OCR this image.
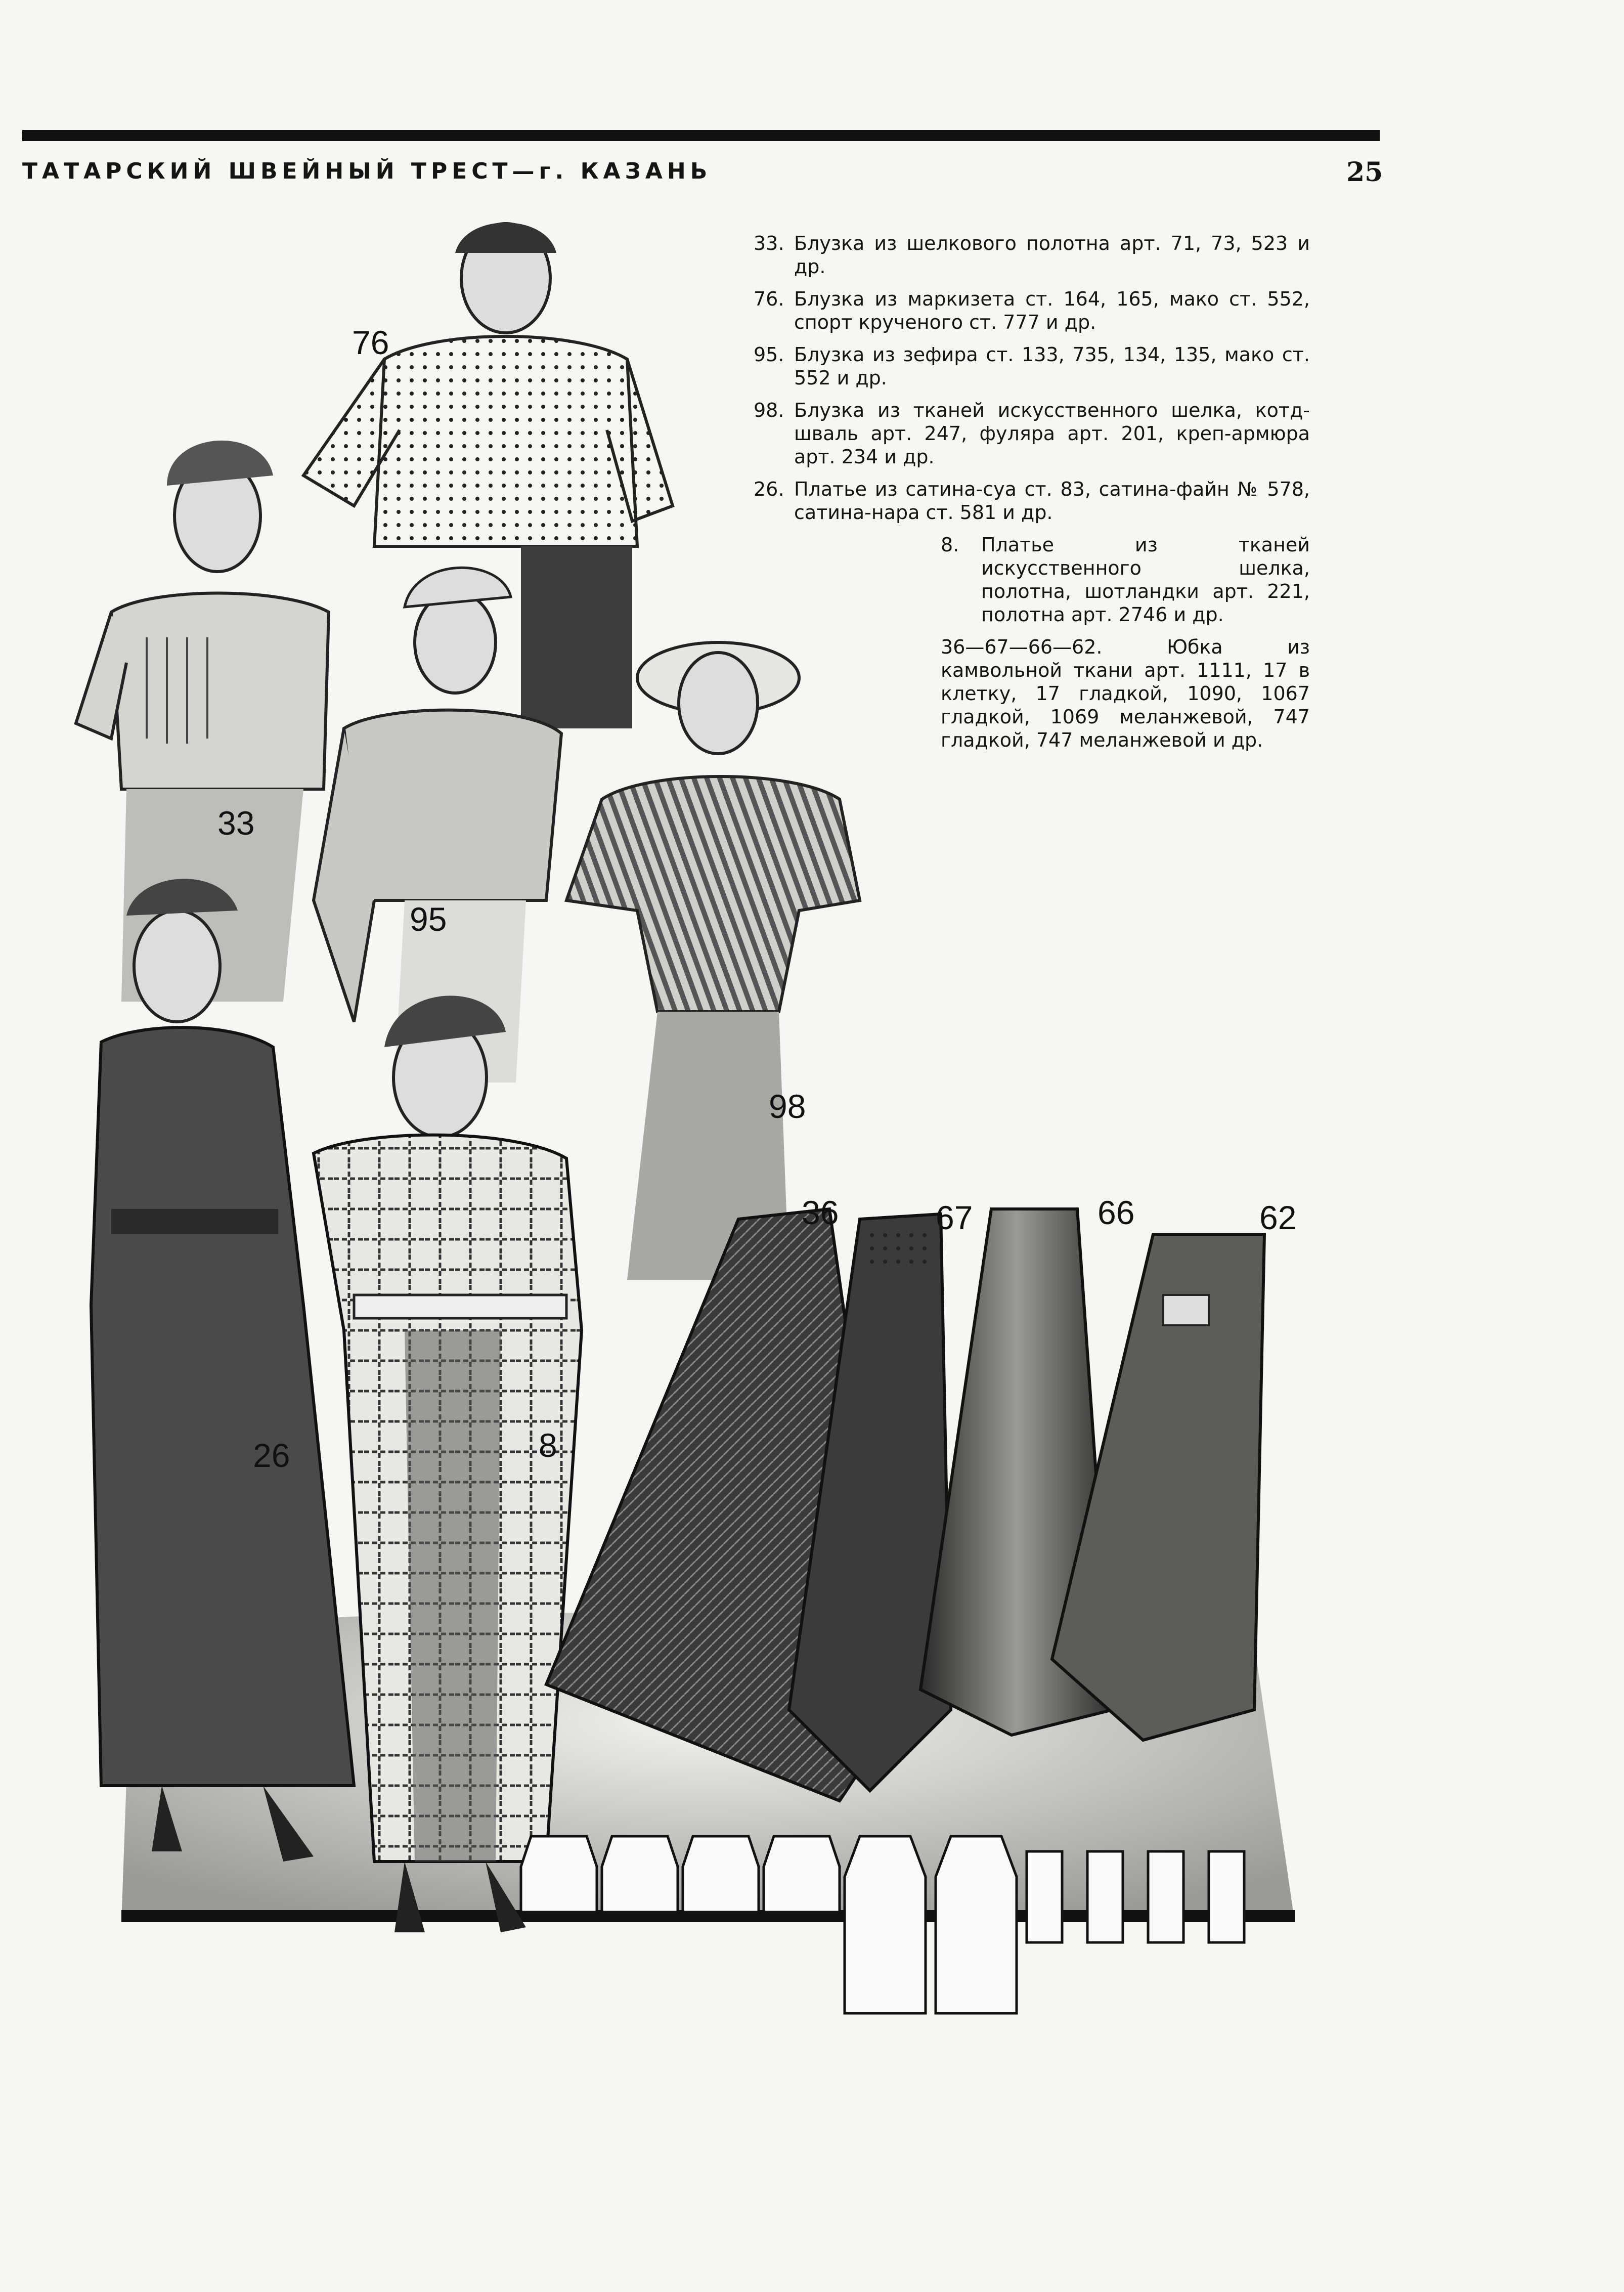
ТАТАРСКИЙ ШВЕЙНЫЙ ТРЕСТ—г. КАЗАНЬ	25
33. Блузка из шелкового полотна арт. 71, 73, 523 и др.
76. Блузка из маркизета ст. 164, 165, мако ст. 552, спорт крученого ст. 777 и др.
95. Блузка из зефира ст. 133, 735, 134, 135, мако ст. 552 и др.
98. Блузка из тканей искусственного шелка, котд-шваль арт. 247, фуляра арт. 201, креп-армюра арт. 234 и др.
26. Платье из сатина-суа ст. 83, сатина-файн № 578, сатина-нара ст. 581 и др.
8. Платье из тканей искусственного шелка, полотна, шотландки арт. 221, полотна арт. 2746 и др.
36—67—66—62.	Юбка из камвольной ткани арт. 1111, 17 в клетку, 17 гладкой, 1090, 1067 гладкой, 1069 меланжевой, 747 гладкой, 747 меланжевой и др.
76
33
95
98
26	8
36	67	66	62
